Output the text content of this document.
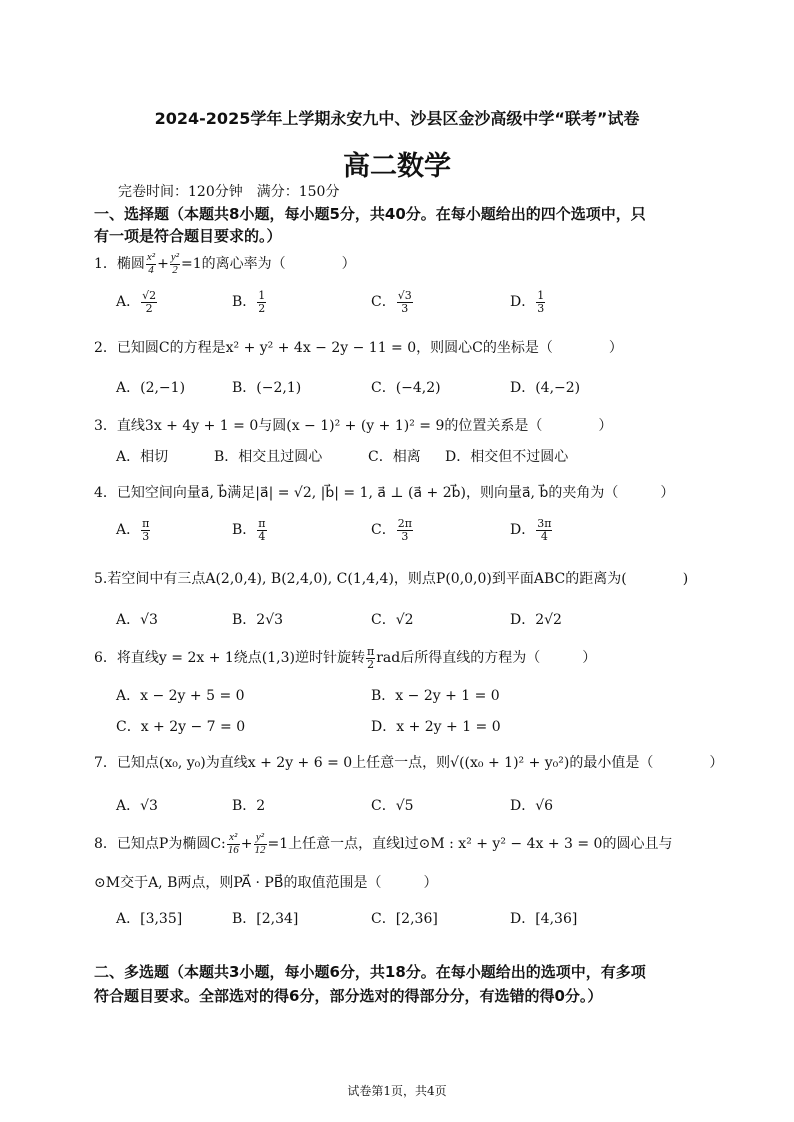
2024-2025学年上学期永安九中、沙县区金沙高级中学“联考”试卷
高二数学
完卷时间：120分钟　满分：150分
一、选择题（本题共8小题，每小题5分，共40分。在每小题给出的四个选项中，只
有一项是符合题目要求的。）
1．椭圆 $\frac{\text{x²}}{4} + \frac{\text{y²}}{2} =1$的离心率为（　　　　）
A． $\frac{√2}{2}$	B． $\frac{1}{2}$	C． $\frac{√3}{3}$	D． $\frac{1}{3}$
2．已知圆C的方程是x² + y² + 4x − 2y − 11 = 0，则圆心C的坐标是（　　　　）
A．(2,−1)	B．(−2,1)	C．(−4,2)	D．(4,−2)
3．直线3x + 4y + 1 = 0与圆(x − 1)² + (y + 1)² = 9的位置关系是（　　　　）
A．相切	B．相交且过圆心	C．相离 D．相交但不过圆心
4．已知空间向量a⃗, b⃗满足|a⃗| = √2, |b⃗| = 1, a⃗ ⊥ (a⃗ + 2b⃗)，则向量a⃗, b⃗的夹角为（　　　）
A． $\frac{\pi}{3}$	B． $\frac{\pi}{4}$	C． $\frac{2\pi}{3}$	D． $\frac{3\pi}{4}$
5.若空间中有三点A(2,0,4), B(2,4,0), C(1,4,4)，则点P(0,0,0)到平面ABC的距离为(　　　　)
A．√3	B．2√3	C．√2	D．2√2
6．将直线y = 2x + 1绕点(1,3)逆时针旋转 $\frac{\pi}{2}$ rad后所得直线的方程为（　　　）
A．x − 2y + 5 = 0	B．x − 2y + 1 = 0
C．x + 2y − 7 = 0	D．x + 2y + 1 = 0
7．已知点(x₀, y₀)为直线x + 2y + 6 = 0上任意一点，则√((x₀ + 1)² + y₀²)的最小值是（　　　　）
A．√3	B．2	C．√5	D．√6
8．已知点P为椭圆C: $\frac{\text{x²}}{16} + \frac{\text{y²}}{12} =1$上任意一点，直线l过⊙M : x² + y² − 4x + 3 = 0的圆心且与
⊙M交于A, B两点，则PA⃗ · PB⃗的取值范围是（　　　）
A．[3,35]	B．[2,34]	C．[2,36]	D．[4,36]
二、多选题（本题共3小题，每小题6分，共18分。在每小题给出的选项中，有多项
符合题目要求。全部选对的得6分，部分选对的得部分分，有选错的得0分。）
试卷第1页，共4页
